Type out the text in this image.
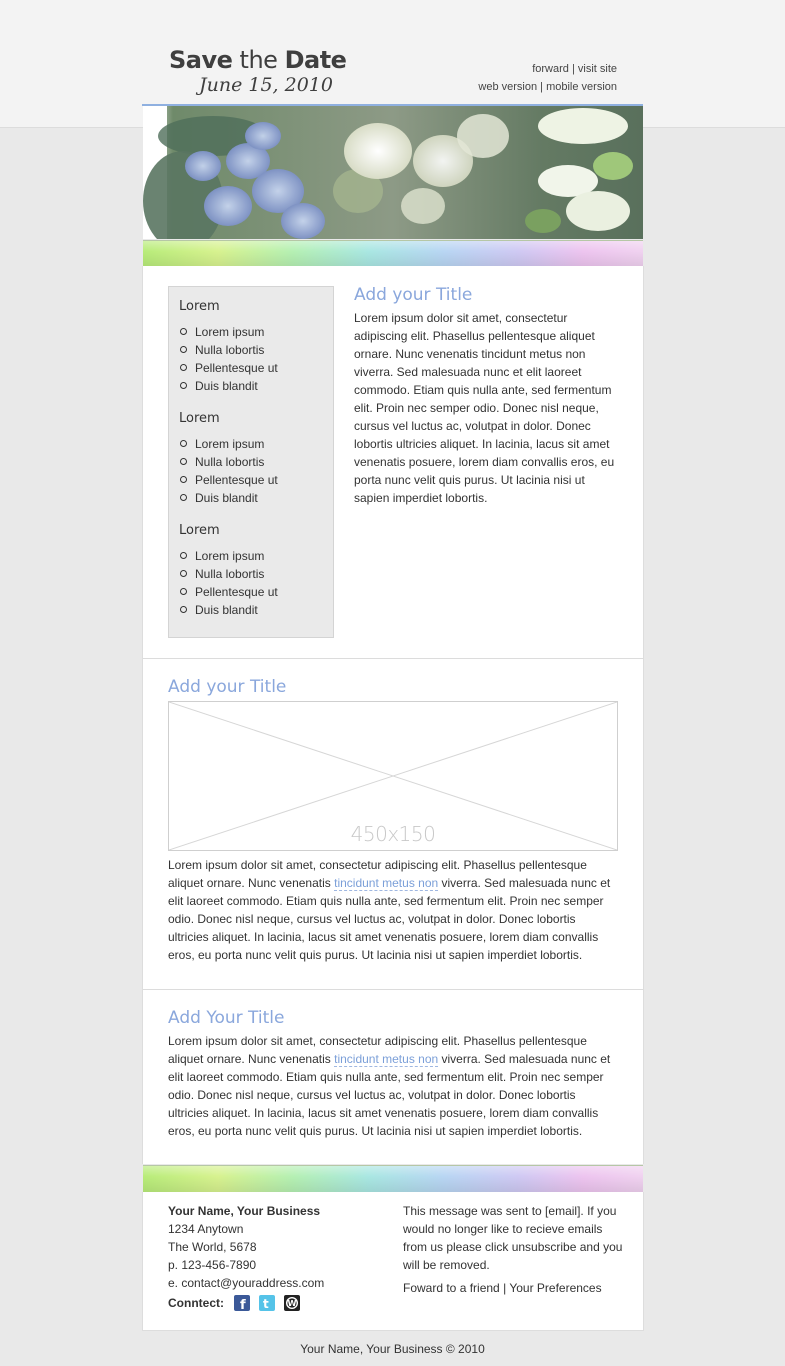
Save the Date
June 15, 2010
forward | visit site
web version | mobile version
Lorem
Lorem ipsum
Nulla lobortis
Pellentesque ut
Duis blandit
Lorem
Lorem ipsum
Nulla lobortis
Pellentesque ut
Duis blandit
Lorem
Lorem ipsum
Nulla lobortis
Pellentesque ut
Duis blandit
Add your Title

Lorem ipsum dolor sit amet, consectetur adipiscing elit. Phasellus pellentesque aliquet ornare. Nunc venenatis tincidunt metus non viverra. Sed malesuada nunc et elit laoreet commodo. Etiam quis nulla ante, sed fermentum elit. Proin nec semper odio. Donec nisl neque, cursus vel luctus ac, volutpat in dolor. Donec lobortis ultricies aliquet. In lacinia, lacus sit amet venenatis posuere, lorem diam convallis eros, eu porta nunc velit quis purus. Ut lacinia nisi ut sapien imperdiet lobortis.

Add your Title
450x150

Lorem ipsum dolor sit amet, consectetur adipiscing elit. Phasellus pellentesque aliquet ornare. Nunc venenatis tincidunt metus non viverra. Sed malesuada nunc et elit laoreet commodo. Etiam quis nulla ante, sed fermentum elit. Proin nec semper odio. Donec nisl neque, cursus vel luctus ac, volutpat in dolor. Donec lobortis ultricies aliquet. In lacinia, lacus sit amet venenatis posuere, lorem diam convallis eros, eu porta nunc velit quis purus. Ut lacinia nisi ut sapien imperdiet lobortis.

Add Your Title

Lorem ipsum dolor sit amet, consectetur adipiscing elit. Phasellus pellentesque aliquet ornare. Nunc venenatis tincidunt metus non viverra. Sed malesuada nunc et elit laoreet commodo. Etiam quis nulla ante, sed fermentum elit. Proin nec semper odio. Donec nisl neque, cursus vel luctus ac, volutpat in dolor. Donec lobortis ultricies aliquet. In lacinia, lacus sit amet venenatis posuere, lorem diam convallis eros, eu porta nunc velit quis purus. Ut lacinia nisi ut sapien imperdiet lobortis.

Your Name, Your Business
1234 Anytown
The World, 5678
p. 123-456-7890
e. contact@youraddress.com
Conntect: f t W
This message was sent to [email]. If you would no longer like to recieve emails from us please click unsubscribe and you will be removed.
Foward to a friend | Your Preferences
Your Name, Your Business © 2010
